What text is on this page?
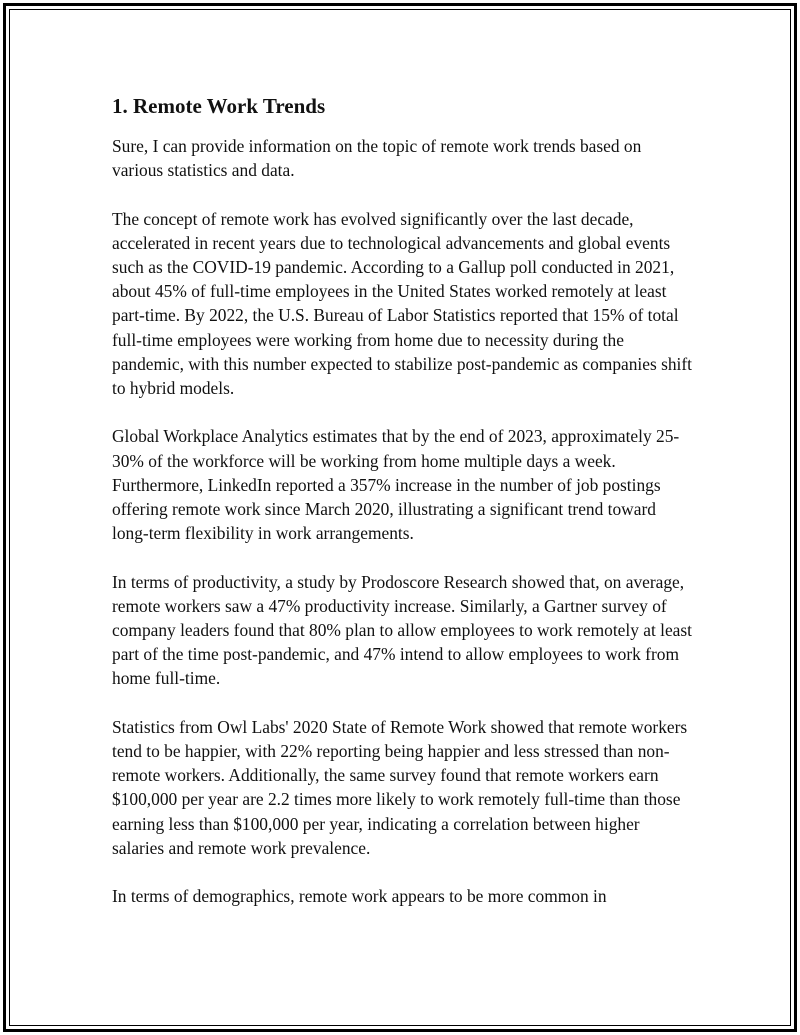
1. Remote Work Trends

Sure, I can provide information on the topic of remote work trends based on various statistics and data.

The concept of remote work has evolved significantly over the last decade, accelerated in recent years due to technological advancements and global events such as the COVID-19 pandemic. According to a Gallup poll conducted in 2021, about 45% of full-time employees in the United States worked remotely at least part-time. By 2022, the U.S. Bureau of Labor Statistics reported that 15% of total full-time employees were working from home due to necessity during the pandemic, with this number expected to stabilize post-pandemic as companies shift to hybrid models.

Global Workplace Analytics estimates that by the end of 2023, approximately 25-30% of the workforce will be working from home multiple days a week. Furthermore, LinkedIn reported a 357% increase in the number of job postings offering remote work since March 2020, illustrating a significant trend toward long-term flexibility in work arrangements.

In terms of productivity, a study by Prodoscore Research showed that, on average, remote workers saw a 47% productivity increase. Similarly, a Gartner survey of company leaders found that 80% plan to allow employees to work remotely at least part of the time post-pandemic, and 47% intend to allow employees to work from home full-time.

Statistics from Owl Labs' 2020 State of Remote Work showed that remote workers tend to be happier, with 22% reporting being happier and less stressed than non-remote workers. Additionally, the same survey found that remote workers earn $100,000 per year are 2.2 times more likely to work remotely full-time than those earning less than $100,000 per year, indicating a correlation between higher salaries and remote work prevalence.

In terms of demographics, remote work appears to be more common in
